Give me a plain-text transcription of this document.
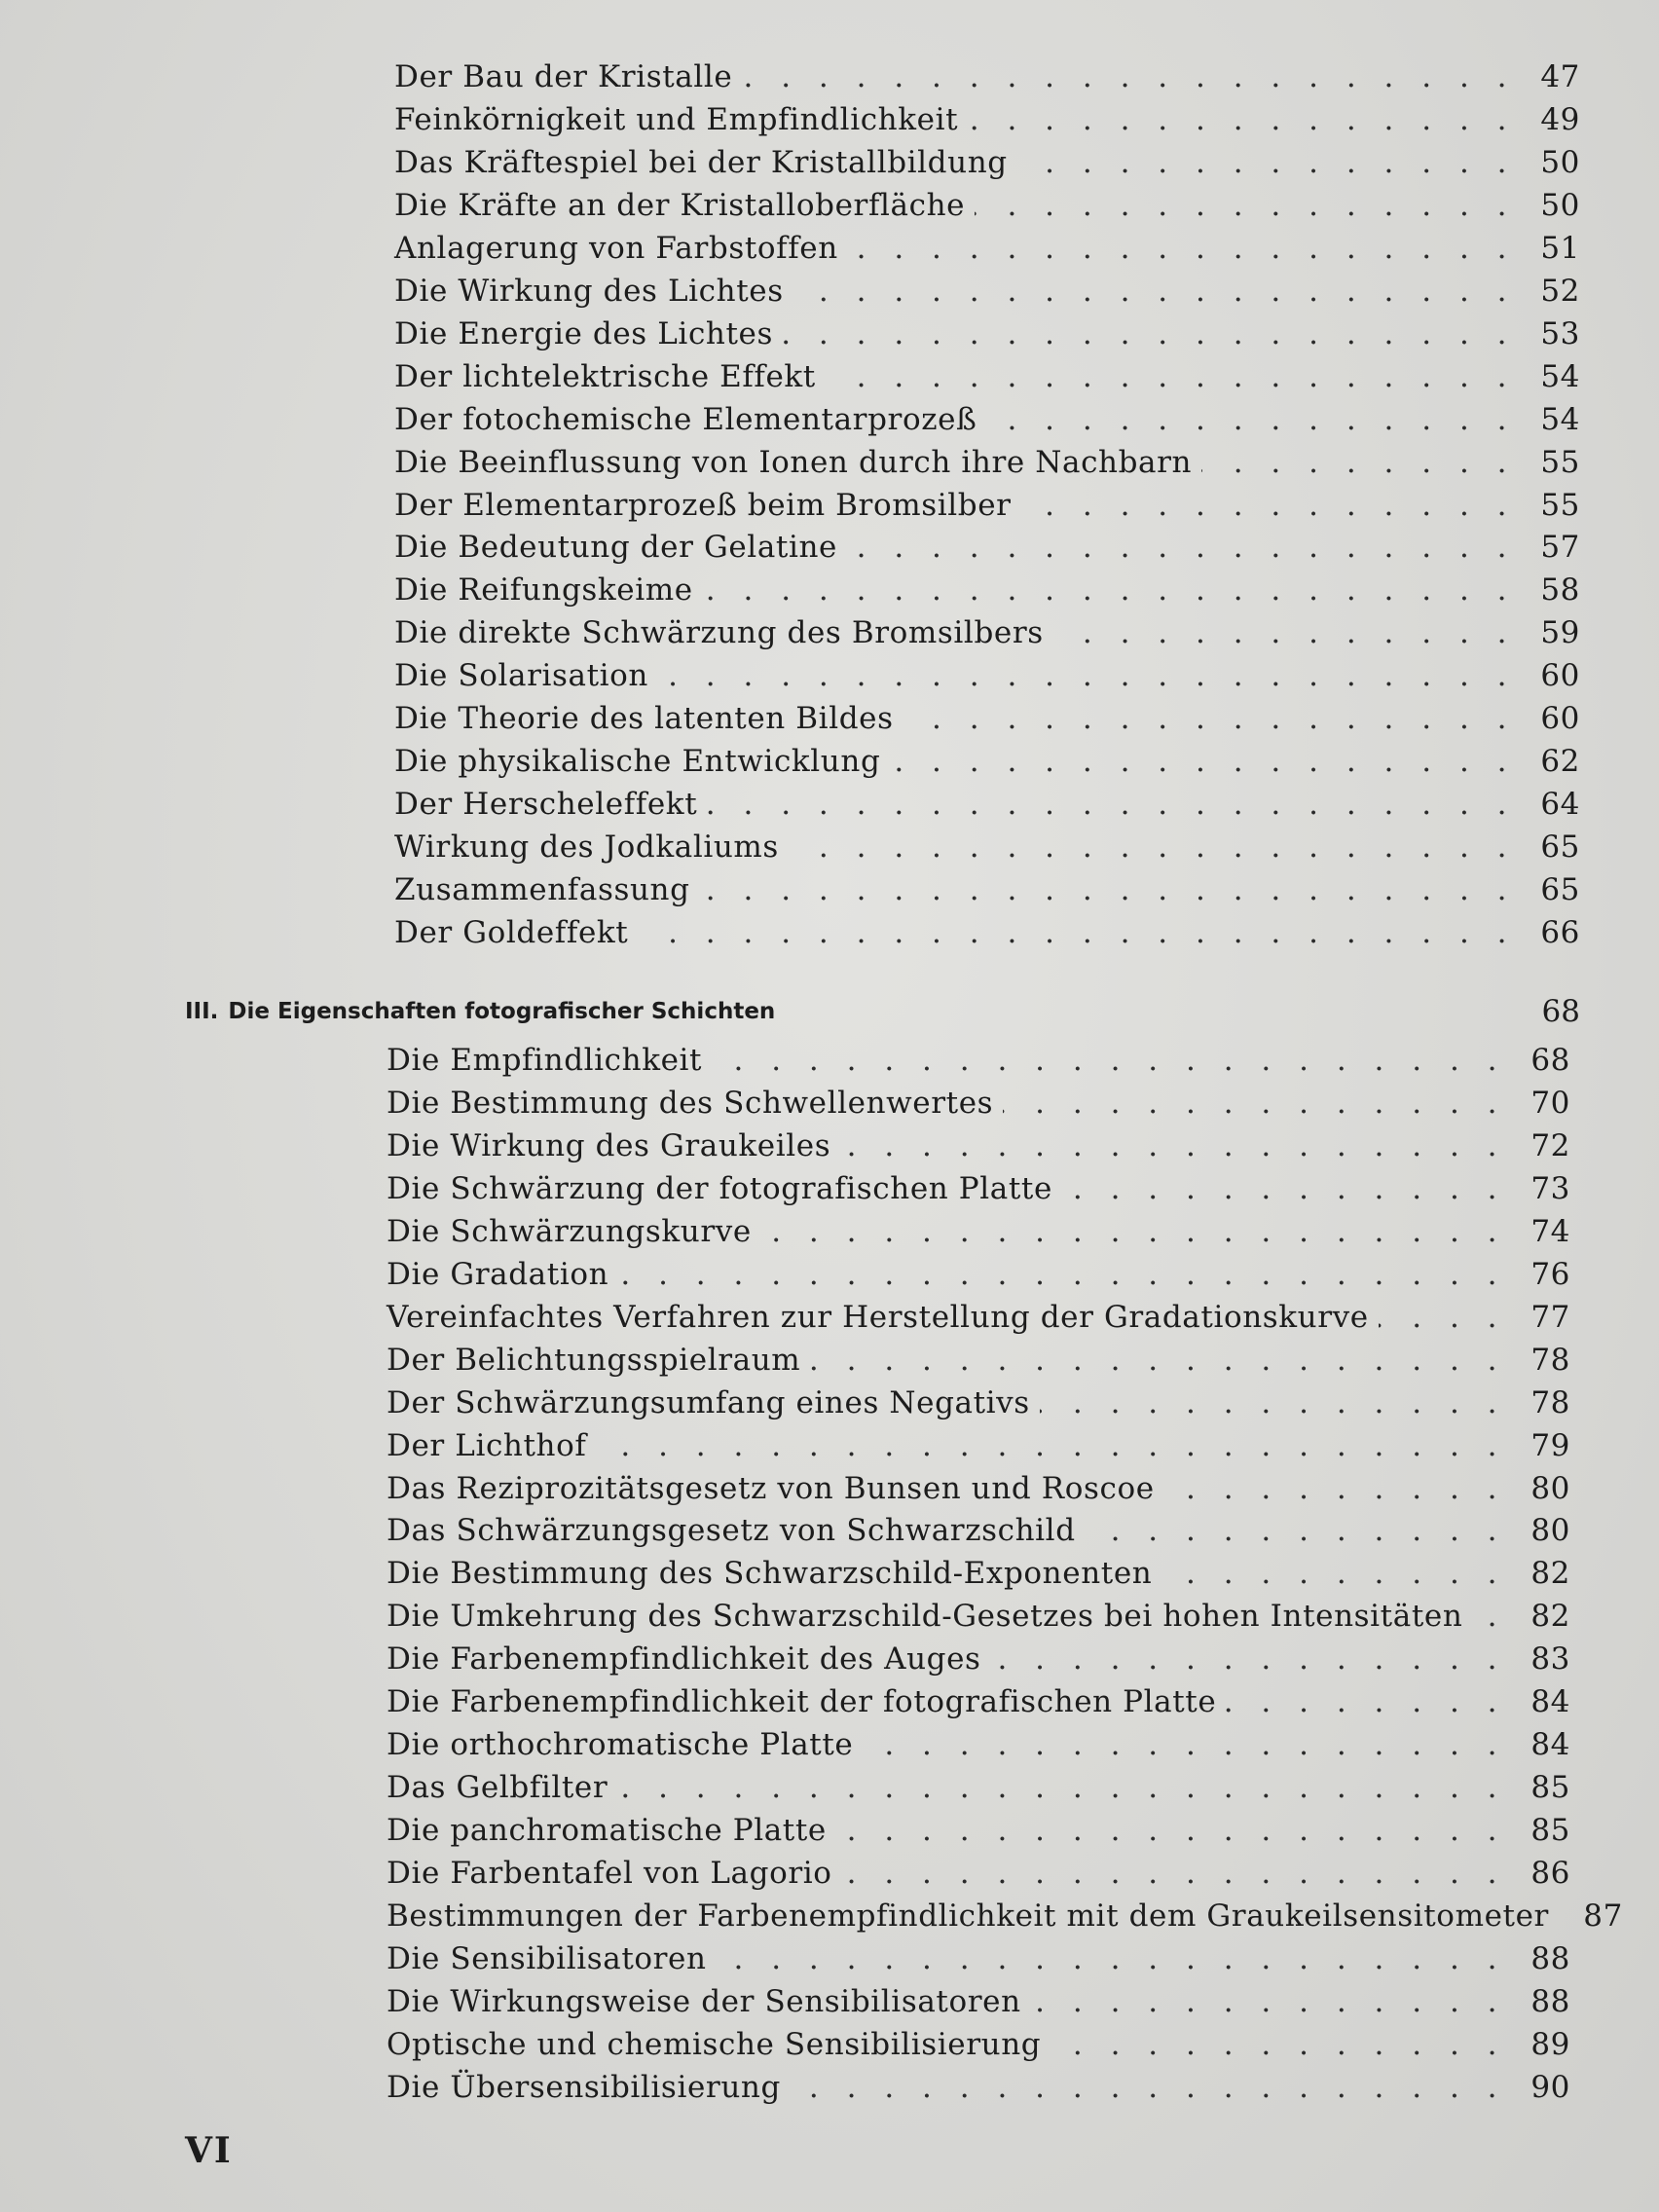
Der Bau der Kristalle . . .	47
Feinkörnigkeit und Empfindlichkeit . . .	49
Das Kräftespiel bei der Kristallbildung . . .	50
Die Kräfte an der Kristalloberfläche . . .	50
Anlagerung von Farbstoffen . . .	51
Die Wirkung des Lichtes . . .	52
Die Energie des Lichtes . . .	53
Der lichtelektrische Effekt . . .	54
Der fotochemische Elementarprozeß . . .	54
Die Beeinflussung von Ionen durch ihre Nachbarn . . .	55
Der Elementarprozeß beim Bromsilber . . .	55
Die Bedeutung der Gelatine . . .	57
Die Reifungskeime . . .	58
Die direkte Schwärzung des Bromsilbers . . .	59
Die Solarisation . . .	60
Die Theorie des latenten Bildes . . .	60
Die physikalische Entwicklung . . .	62
Der Herscheleffekt . . .	64
Wirkung des Jodkaliums . . .	65
Zusammenfassung . . .	65
Der Goldeffekt . . .	66
III. Die Eigenschaften fotografischer Schichten	68
Die Empfindlichkeit . . .	68
Die Bestimmung des Schwellenwertes . . .	70
Die Wirkung des Graukeiles . . .	72
Die Schwärzung der fotografischen Platte . . .	73
Die Schwärzungskurve . . .	74
Die Gradation . . .	76
Vereinfachtes Verfahren zur Herstellung der Gradationskurve . . .	77
Der Belichtungsspielraum . . .	78
Der Schwärzungsumfang eines Negativs . . .	78
Der Lichthof . . .	79
Das Reziprozitätsgesetz von Bunsen und Roscoe . . .	80
Das Schwärzungsgesetz von Schwarzschild . . .	80
Die Bestimmung des Schwarzschild-Exponenten . . .	82
Die Umkehrung des Schwarzschild-Gesetzes bei hohen Intensitäten . . .	82
Die Farbenempfindlichkeit des Auges . . .	83
Die Farbenempfindlichkeit der fotografischen Platte . . .	84
Die orthochromatische Platte . . .	84
Das Gelbfilter . . .	85
Die panchromatische Platte . . .	85
Die Farbentafel von Lagorio . . .	86
Bestimmungen der Farbenempfindlichkeit mit dem Graukeilsensitometer	87
Die Sensibilisatoren . . .	88
Die Wirkungsweise der Sensibilisatoren . . .	88
Optische und chemische Sensibilisierung . . .	89
Die Übersensibilisierung . . .	90
VI
